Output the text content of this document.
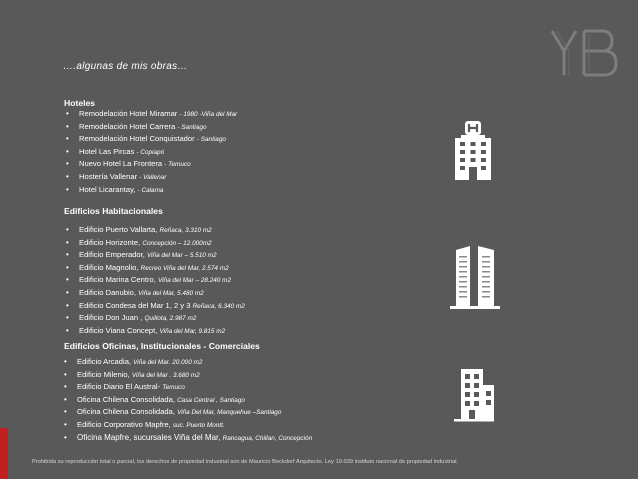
….algunas de mis obras…
Hoteles
• Remodelación Hotel Miramar - 1980 -Viña del Mar
• Remodelación Hotel Carrera - Santiago
• Remodelación Hotel Conquistador - Santiago
• Hotel Las Pircas - Copiapó
• Nuevo Hotel La Frontera - Temuco
• Hostería Vallenar - Vallenar
• Hotel Licarantay, - Calama
Edificios Habitacionales
• Edificio Puerto Vallarta, Reñaca, 3.310 m2
• Edificio Horizonte, Concepción – 12.000m2
• Edificio Emperador, Viña del Mar – 5.510 m2
• Edificio Magnolio, Recreo Viña del Mar, 2.574 m2
• Edificio Marina Centro, Viña del Mar – 28.240 m2
• Edificio Danubio, Viña del Mar, 5.480 m2
• Edificio Condesa del Mar 1, 2 y 3 Reñaca, 6.340 m2
• Edificio Don Juan , Quillota, 2.987 m2
• Edificio Viana Concept, Viña del Mar, 9.815 m2
Edificios Oficinas, Institucionales - Comerciales
• Edificio Arcadia, Viña del Mar. 20.000 m2
• Edificio Milenio, Viña del Mar . 3.680 m2
• Edificio Diario El Austral- Temuco
• Oficina Chilena Consolidada, Casa Central , Santiago
• Oficina Chilena Consolidada, Viña Del Mar, Manquehue –Santiago
• Edificio Corporativo Mapfre, suc. Puerto Montt.
• Oficina Mapfre, sucursales Viña del Mar, Rancagua, Chillan, Concepción
Prohibida su reproducción total o parcial, los derechos de propiedad industrial son de Mauricio Beckdorf Arquitecto. Ley 19.039 instituto nacional de propiedad industrial.
